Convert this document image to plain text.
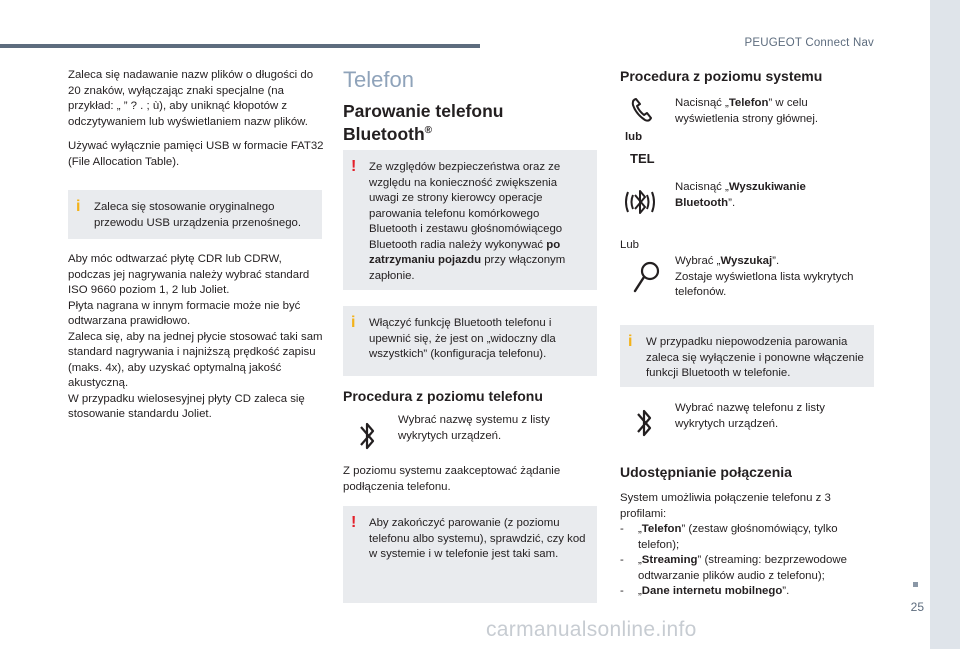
PEUGEOT Connect Nav
25
carmanualsonline.info

Zaleca się nadawanie nazw plików o długości do 20 znaków, wyłączając znaki specjalne (na przykład: „ ” ? . ; ù), aby uniknąć kłopotów z odczytywaniem lub wyświetlaniem nazw plików.

Używać wyłącznie pamięci USB w formacie FAT32 (File Allocation Table).

i Zaleca się stosowanie oryginalnego przewodu USB urządzenia przenośnego.

Aby móc odtwarzać płytę CDR lub CDRW, podczas jej nagrywania należy wybrać standard ISO 9660 poziom 1, 2 lub Joliet.

Płyta nagrana w innym formacie może nie być odtwarzana prawidłowo.

Zaleca się, aby na jednej płycie stosować taki sam standard nagrywania i najniższą prędkość zapisu (maks. 4x), aby uzyskać optymalną jakość akustyczną.

W przypadku wielosesyjnej płyty CD zaleca się stosowanie standardu Joliet.

Telefon
Parowanie telefonu
Bluetooth®
! Ze względów bezpieczeństwa oraz ze względu na konieczność zwiększenia uwagi ze strony kierowcy operacje parowania telefonu komórkowego Bluetooth i zestawu głośnomówiącego Bluetooth radia należy wykonywać po zatrzymaniu pojazdu przy włączonym zapłonie.
i Włączyć funkcję Bluetooth telefonu i upewnić się, że jest on „widoczny dla wszystkich” (konfiguracja telefonu).
Procedura z poziomu telefonu
Wybrać nazwę systemu z listy wykrytych urządzeń.

Z poziomu systemu zaakceptować żądanie podłączenia telefonu.

! Aby zakończyć parowanie (z poziomu telefonu albo systemu), sprawdzić, czy kod w systemie i w telefonie jest taki sam.
Procedura z poziomu systemu
Nacisnąć „Telefon” w celu wyświetlenia strony głównej.
lub
TEL
Nacisnąć „Wyszukiwanie Bluetooth”.
Lub
Wybrać „Wyszukaj”.
Zostaje wyświetlona lista wykrytych telefonów.
i W przypadku niepowodzenia parowania zaleca się wyłączenie i ponowne włączenie funkcji Bluetooth w telefonie.
Wybrać nazwę telefonu z listy wykrytych urządzeń.
Udostępnianie połączenia

System umożliwia połączenie telefonu z 3 profilami:

- „Telefon” (zestaw głośnomówiący, tylko telefon);
- „Streaming” (streaming: bezprzewodowe odtwarzanie plików audio z telefonu);
- „Dane internetu mobilnego”.
